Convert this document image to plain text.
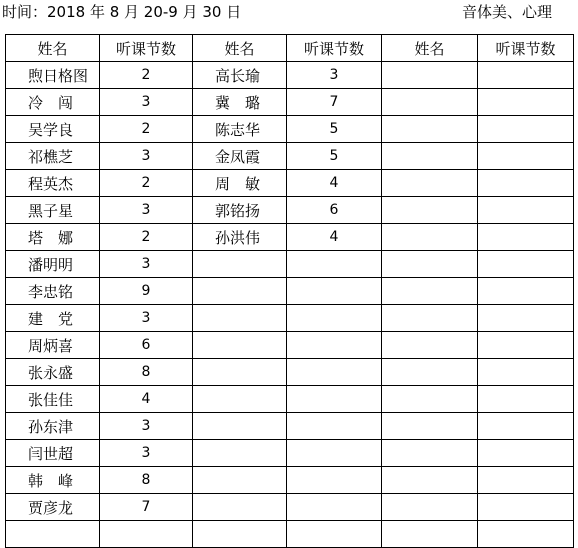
时间：2018 年 8 月 20-9 月 30 日	音体美、心理
姓名	听课节数	姓名	听课节数	姓名	听课节数
煦日格图	2	高长瑜	3		
冷　闯	3	冀　璐	7		
吴学良	2	陈志华	5		
祁樵芝	3	金凤霞	5		
程英杰	2	周　敏	4		
黑子星	3	郭铭扬	6		
塔　娜	2	孙洪伟	4		
潘明明	3				
李忠铭	9				
建　党	3				
周炳喜	6				
张永盛	8				
张佳佳	4				
孙东津	3				
闫世超	3				
韩　峰	8				
贾彦龙	7				
